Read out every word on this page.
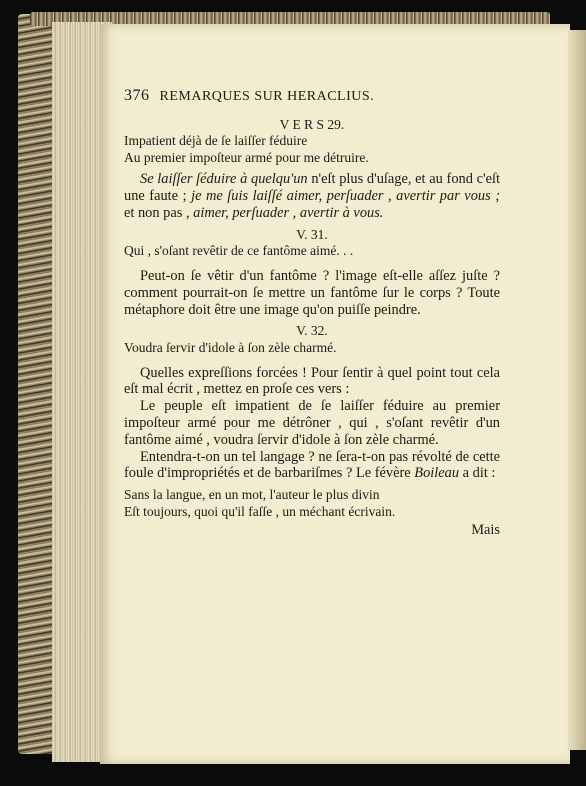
376 REMARQUES SUR HERACLIUS.
V E R S 29.

Impatient déjà de ſe laiſſer féduire

Au premier impoſteur armé pour me détruire.

Se laiſſer ſéduire à quelqu'un n'eſt plus d'uſage, et au fond c'eſt une faute ; je me ſuis laiſſé aimer, perſuader , avertir par vous ; et non pas , aimer, perſuader , avertir à vous.

V. 31.

Qui , s'oſant revêtir de ce fantôme aimé. . .

Peut-on ſe vêtir d'un fantôme ? l'image eſt-elle aſſez juſte ? comment pourrait-on ſe mettre un fantôme ſur le corps ? Toute métaphore doit être une image qu'on puiſſe peindre.

V. 32.

Voudra ſervir d'idole à ſon zèle charmé.

Quelles expreſſions forcées ! Pour ſentir à quel point tout cela eſt mal écrit , mettez en proſe ces vers :

Le peuple eſt impatient de ſe laiſſer féduire au premier impoſteur armé pour me détrôner , qui , s'oſant revêtir d'un fantôme aimé , voudra ſervir d'idole à ſon zèle charmé.

Entendra-t-on un tel langage ? ne ſera-t-on pas révolté de cette foule d'impropriétés et de barbariſmes ? Le févère Boileau a dit :

Sans la langue, en un mot, l'auteur le plus divin

Eſt toujours, quoi qu'il faſſe , un méchant écrivain.

Mais
